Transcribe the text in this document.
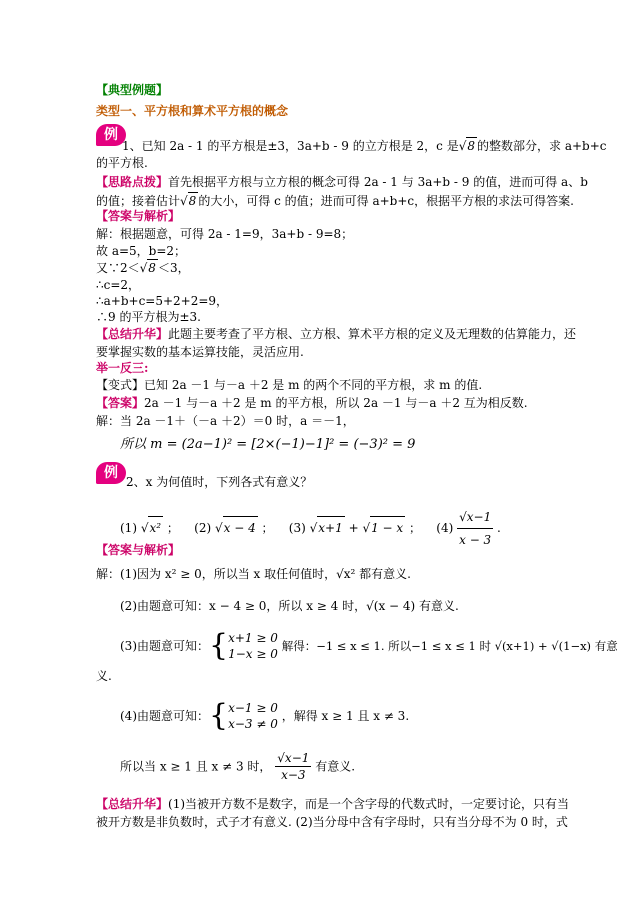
【典型例题】
类型一、平方根和算术平方根的概念
例
1、已知 2a - 1 的平方根是±3，3a+b - 9 的立方根是 2，c 是√8 的整数部分，求 a+b+c
的平方根.
【思路点拨】首先根据平方根与立方根的概念可得 2a - 1 与 3a+b - 9 的值，进而可得 a、b
的值；接着估计√8 的大小，可得 c 的值；进而可得 a+b+c，根据平方根的求法可得答案.
【答案与解析】
解：根据题意，可得 2a - 1=9，3a+b - 9=8；
故 a=5，b=2；
又∵2＜√8 ＜3，
∴c=2，
∴a+b+c=5+2+2=9，
∴9 的平方根为±3.
【总结升华】此题主要考查了平方根、立方根、算术平方根的定义及无理数的估算能力，还
要掌握实数的基本运算技能，灵活应用.
举一反三:
【变式】已知 2a －1 与－a ＋2 是 m 的两个不同的平方根，求 m 的值.
【答案】2a －1 与－a ＋2 是 m 的平方根，所以 2a －1 与－a ＋2 互为相反数.
解：当 2a －1＋（－a ＋2）＝0 时，a ＝－1，
所以 m = (2a−1)² = [2×(−1)−1]² = (−3)² = 9
例
2、x 为何值时，下列各式有意义？
(1) √x² ；    (2) √x − 4 ；    (3) √x+1 + √1 − x ；    $(4) \frac{√x-1}{x - 3}$ .
【答案与解析】
解：(1)因为 x² ≥ 0，所以当 x 取任何值时，√x² 都有意义.
(2)由题意可知：x − 4 ≥ 0，所以 x ≥ 4 时，√(x − 4) 有意义.
(3)由题意可知：{x+1 ≥ 0
1−x ≥ 0 解得：−1 ≤ x ≤ 1. 所以−1 ≤ x ≤ 1 时 √(x+1) + √(1−x) 有意
义.
(4)由题意可知：{x−1 ≥ 0
x−3 ≠ 0 ，解得 x ≥ 1 且 x ≠ 3.
所以当 x ≥ 1 且 x ≠ 3 时， $\frac{√x-1}{x-3}$ 有意义.
【总结升华】(1)当被开方数不是数字，而是一个含字母的代数式时，一定要讨论，只有当
被开方数是非负数时，式子才有意义. (2)当分母中含有字母时，只有当分母不为 0 时，式
